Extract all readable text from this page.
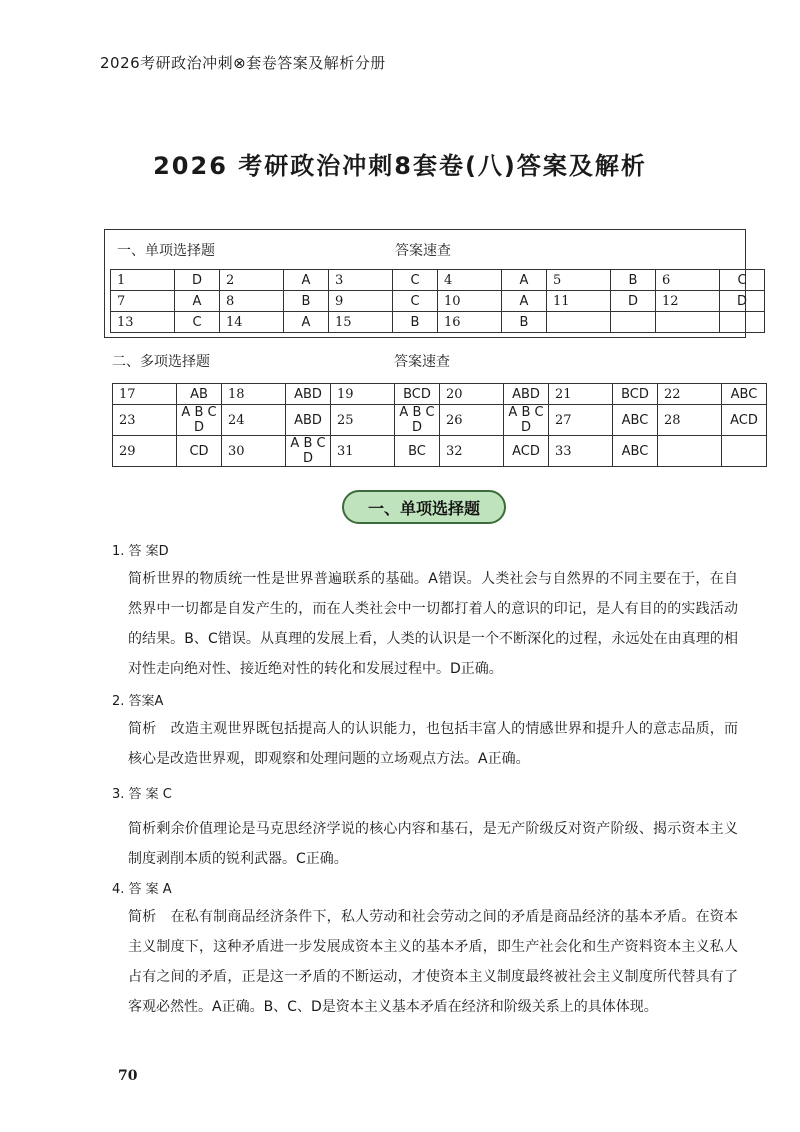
2026考研政治冲刺⊗套卷答案及解析分册
2026 考研政治冲刺8套卷(八)答案及解析
一、单项选择题	答案速查
1	D	2	A	3	C	4	A	5	B	6	C
7	A	8	B	9	C	10	A	11	D	12	D
13	C	14	A	15	B	16	B				
二、多项选择题	答案速查
17	AB	18	ABD	19	BCD	20	ABD	21	BCD	22	ABC
23	A B C D	24	ABD	25	A B C D	26	A B C D	27	ABC	28	ACD
29	CD	30	A B C D	31	BC	32	ACD	33	ABC		
一、单项选择题
1. 答 案D
简析世界的物质统一性是世界普遍联系的基础。A错误。人类社会与自然界的不同主要在于，在自然界中一切都是自发产生的，而在人类社会中一切都打着人的意识的印记，是人有目的的实践活动的结果。B、C错误。从真理的发展上看，人类的认识是一个不断深化的过程，永远处在由真理的相对性走向绝对性、接近绝对性的转化和发展过程中。D正确。
2. 答案A
简析　改造主观世界既包括提高人的认识能力，也包括丰富人的情感世界和提升人的意志品质，而核心是改造世界观，即观察和处理问题的立场观点方法。A正确。
3. 答 案 C
简析剩余价值理论是马克思经济学说的核心内容和基石，是无产阶级反对资产阶级、揭示资本主义制度剥削本质的锐利武器。C正确。
4. 答 案 A
简析　在私有制商品经济条件下，私人劳动和社会劳动之间的矛盾是商品经济的基本矛盾。在资本主义制度下，这种矛盾进一步发展成资本主义的基本矛盾，即生产社会化和生产资料资本主义私人占有之间的矛盾，正是这一矛盾的不断运动，才使资本主义制度最终被社会主义制度所代替具有了客观必然性。A正确。B、C、D是资本主义基本矛盾在经济和阶级关系上的具体体现。
70
